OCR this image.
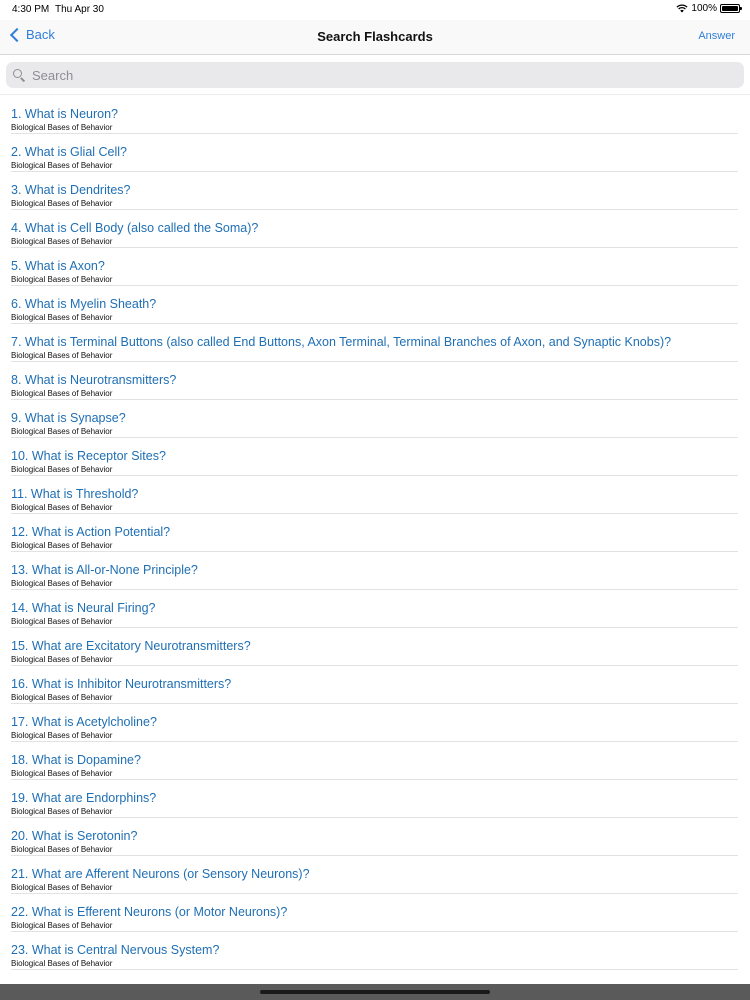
4:30 PM Thu Apr 30	100%
Back	Search Flashcards	Answer
Search
1. What is Neuron?
Biological Bases of Behavior
2. What is Glial Cell?
Biological Bases of Behavior
3. What is Dendrites?
Biological Bases of Behavior
4. What is Cell Body (also called the Soma)?
Biological Bases of Behavior
5. What is Axon?
Biological Bases of Behavior
6. What is Myelin Sheath?
Biological Bases of Behavior
7. What is Terminal Buttons (also called End Buttons, Axon Terminal, Terminal Branches of Axon, and Synaptic Knobs)?
Biological Bases of Behavior
8. What is Neurotransmitters?
Biological Bases of Behavior
9. What is Synapse?
Biological Bases of Behavior
10. What is Receptor Sites?
Biological Bases of Behavior
11. What is Threshold?
Biological Bases of Behavior
12. What is Action Potential?
Biological Bases of Behavior
13. What is All-or-None Principle?
Biological Bases of Behavior
14. What is Neural Firing?
Biological Bases of Behavior
15. What are Excitatory Neurotransmitters?
Biological Bases of Behavior
16. What is Inhibitor Neurotransmitters?
Biological Bases of Behavior
17. What is Acetylcholine?
Biological Bases of Behavior
18. What is Dopamine?
Biological Bases of Behavior
19. What are Endorphins?
Biological Bases of Behavior
20. What is Serotonin?
Biological Bases of Behavior
21. What are Afferent Neurons (or Sensory Neurons)?
Biological Bases of Behavior
22. What is Efferent Neurons (or Motor Neurons)?
Biological Bases of Behavior
23. What is Central Nervous System?
Biological Bases of Behavior
